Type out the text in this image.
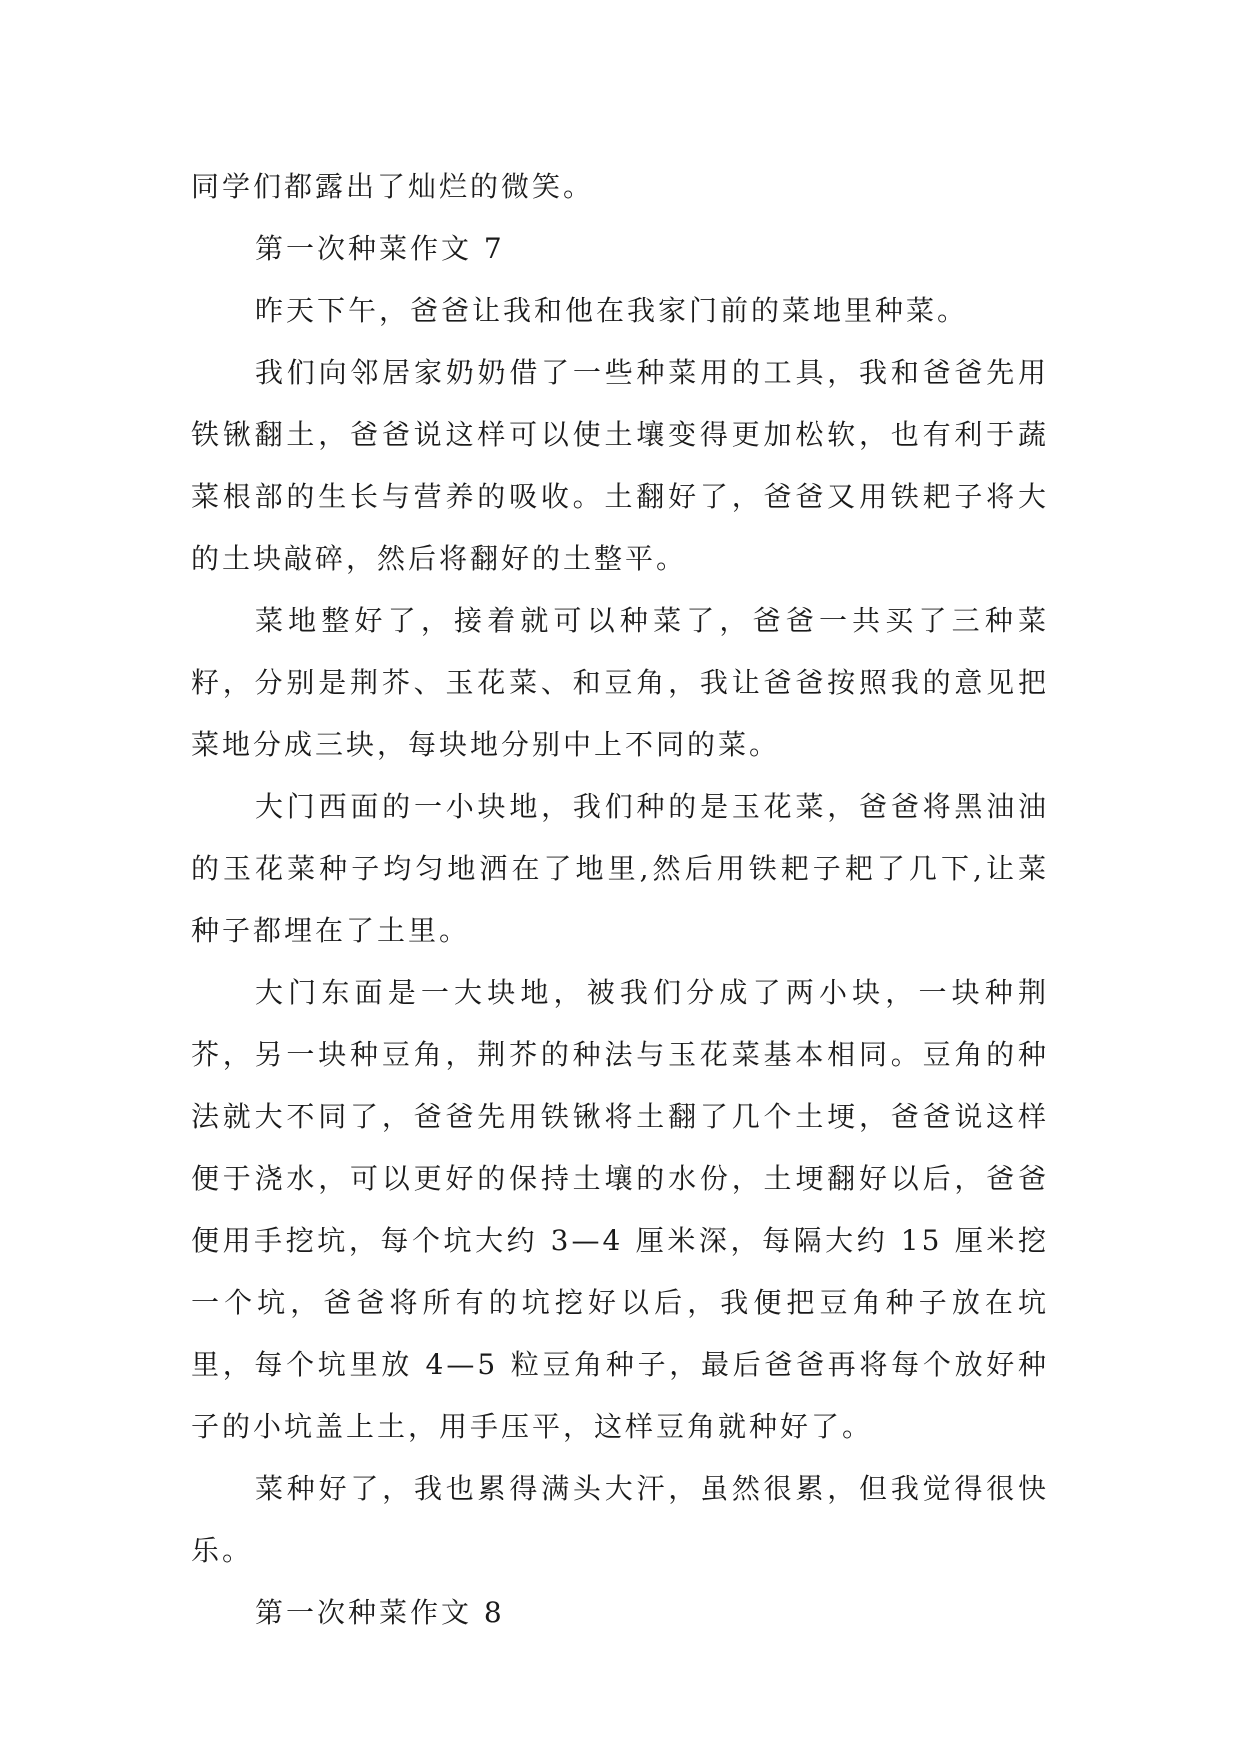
同学们都露出了灿烂的微笑。

第一次种菜作文 7

昨天下午，爸爸让我和他在我家门前的菜地里种菜。

我们向邻居家奶奶借了一些种菜用的工具，我和爸爸先用铁锹翻土，爸爸说这样可以使土壤变得更加松软，也有利于蔬菜根部的生长与营养的吸收。土翻好了，爸爸又用铁耙子将大的土块敲碎，然后将翻好的土整平。

菜地整好了，接着就可以种菜了，爸爸一共买了三种菜籽，分别是荆芥、玉花菜、和豆角，我让爸爸按照我的意见把菜地分成三块，每块地分别中上不同的菜。

大门西面的一小块地，我们种的是玉花菜，爸爸将黑油油的玉花菜种子均匀地洒在了地里,然后用铁耙子耙了几下,让菜种子都埋在了土里。

大门东面是一大块地，被我们分成了两小块，一块种荆芥，另一块种豆角，荆芥的种法与玉花菜基本相同。豆角的种法就大不同了，爸爸先用铁锹将土翻了几个土埂，爸爸说这样便于浇水，可以更好的保持土壤的水份，土埂翻好以后，爸爸便用手挖坑，每个坑大约 3—4 厘米深，每隔大约 15 厘米挖一个坑，爸爸将所有的坑挖好以后，我便把豆角种子放在坑里，每个坑里放 4—5 粒豆角种子，最后爸爸再将每个放好种子的小坑盖上土，用手压平，这样豆角就种好了。

菜种好了，我也累得满头大汗，虽然很累，但我觉得很快乐。

第一次种菜作文 8
